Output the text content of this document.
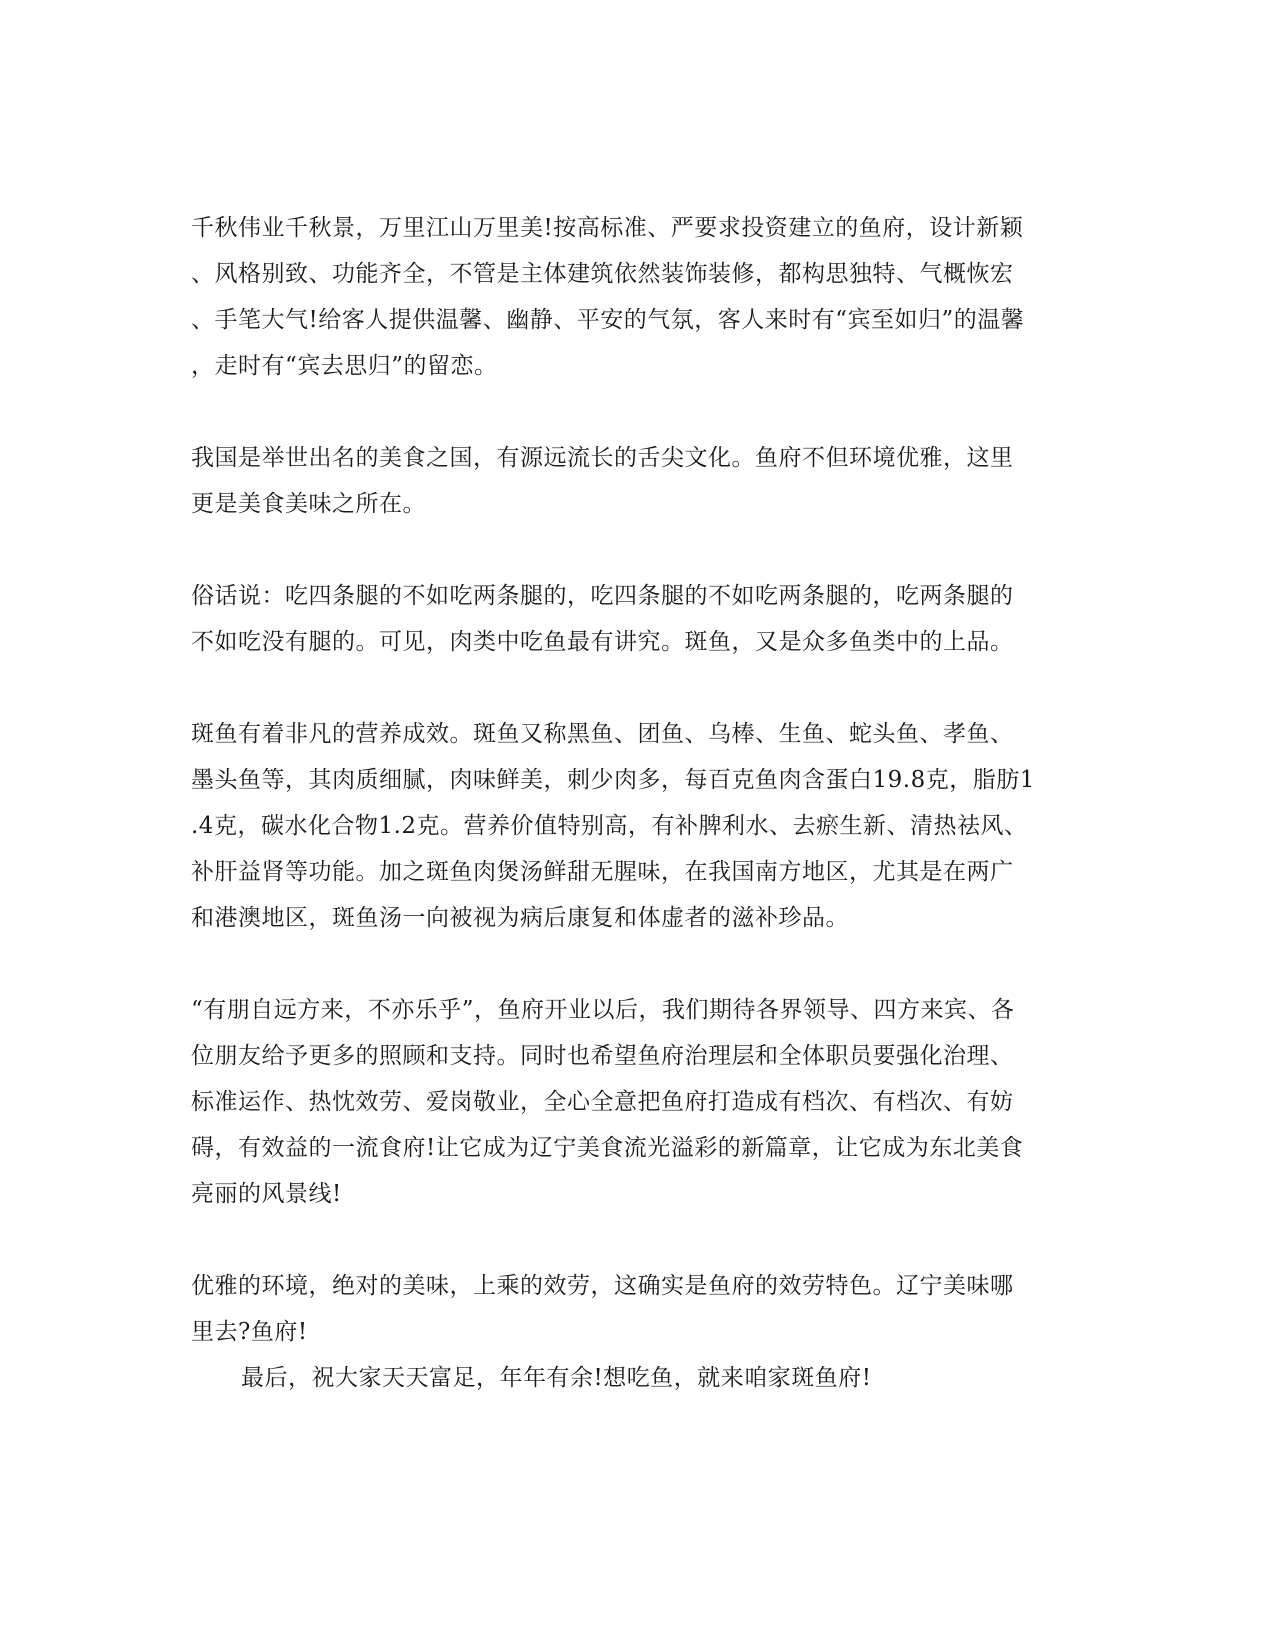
千秋伟业千秋景，万里江山万里美!按高标准、严要求投资建立的鱼府，设计新颖
、风格别致、功能齐全，不管是主体建筑依然装饰装修，都构思独特、气概恢宏
、手笔大气!给客人提供温馨、幽静、平安的气氛，客人来时有“宾至如归”的温馨
，走时有“宾去思归”的留恋。
我国是举世出名的美食之国，有源远流长的舌尖文化。鱼府不但环境优雅，这里
更是美食美味之所在。
俗话说：吃四条腿的不如吃两条腿的，吃四条腿的不如吃两条腿的，吃两条腿的
不如吃没有腿的。可见，肉类中吃鱼最有讲究。斑鱼，又是众多鱼类中的上品。
斑鱼有着非凡的营养成效。斑鱼又称黑鱼、团鱼、乌棒、生鱼、蛇头鱼、孝鱼、
墨头鱼等，其肉质细腻，肉味鲜美，刺少肉多，每百克鱼肉含蛋白19.8克，脂肪1
.4克，碳水化合物1.2克。营养价值特别高，有补脾利水、去瘀生新、清热祛风、
补肝益肾等功能。加之斑鱼肉煲汤鲜甜无腥味，在我国南方地区，尤其是在两广
和港澳地区，斑鱼汤一向被视为病后康复和体虚者的滋补珍品。
“有朋自远方来，不亦乐乎”，鱼府开业以后，我们期待各界领导、四方来宾、各
位朋友给予更多的照顾和支持。同时也希望鱼府治理层和全体职员要强化治理、
标准运作、热忱效劳、爱岗敬业，全心全意把鱼府打造成有档次、有档次、有妨
碍，有效益的一流食府!让它成为辽宁美食流光溢彩的新篇章，让它成为东北美食
亮丽的风景线!
优雅的环境，绝对的美味，上乘的效劳，这确实是鱼府的效劳特色。辽宁美味哪
里去?鱼府!
最后，祝大家天天富足，年年有余!想吃鱼，就来咱家斑鱼府!
